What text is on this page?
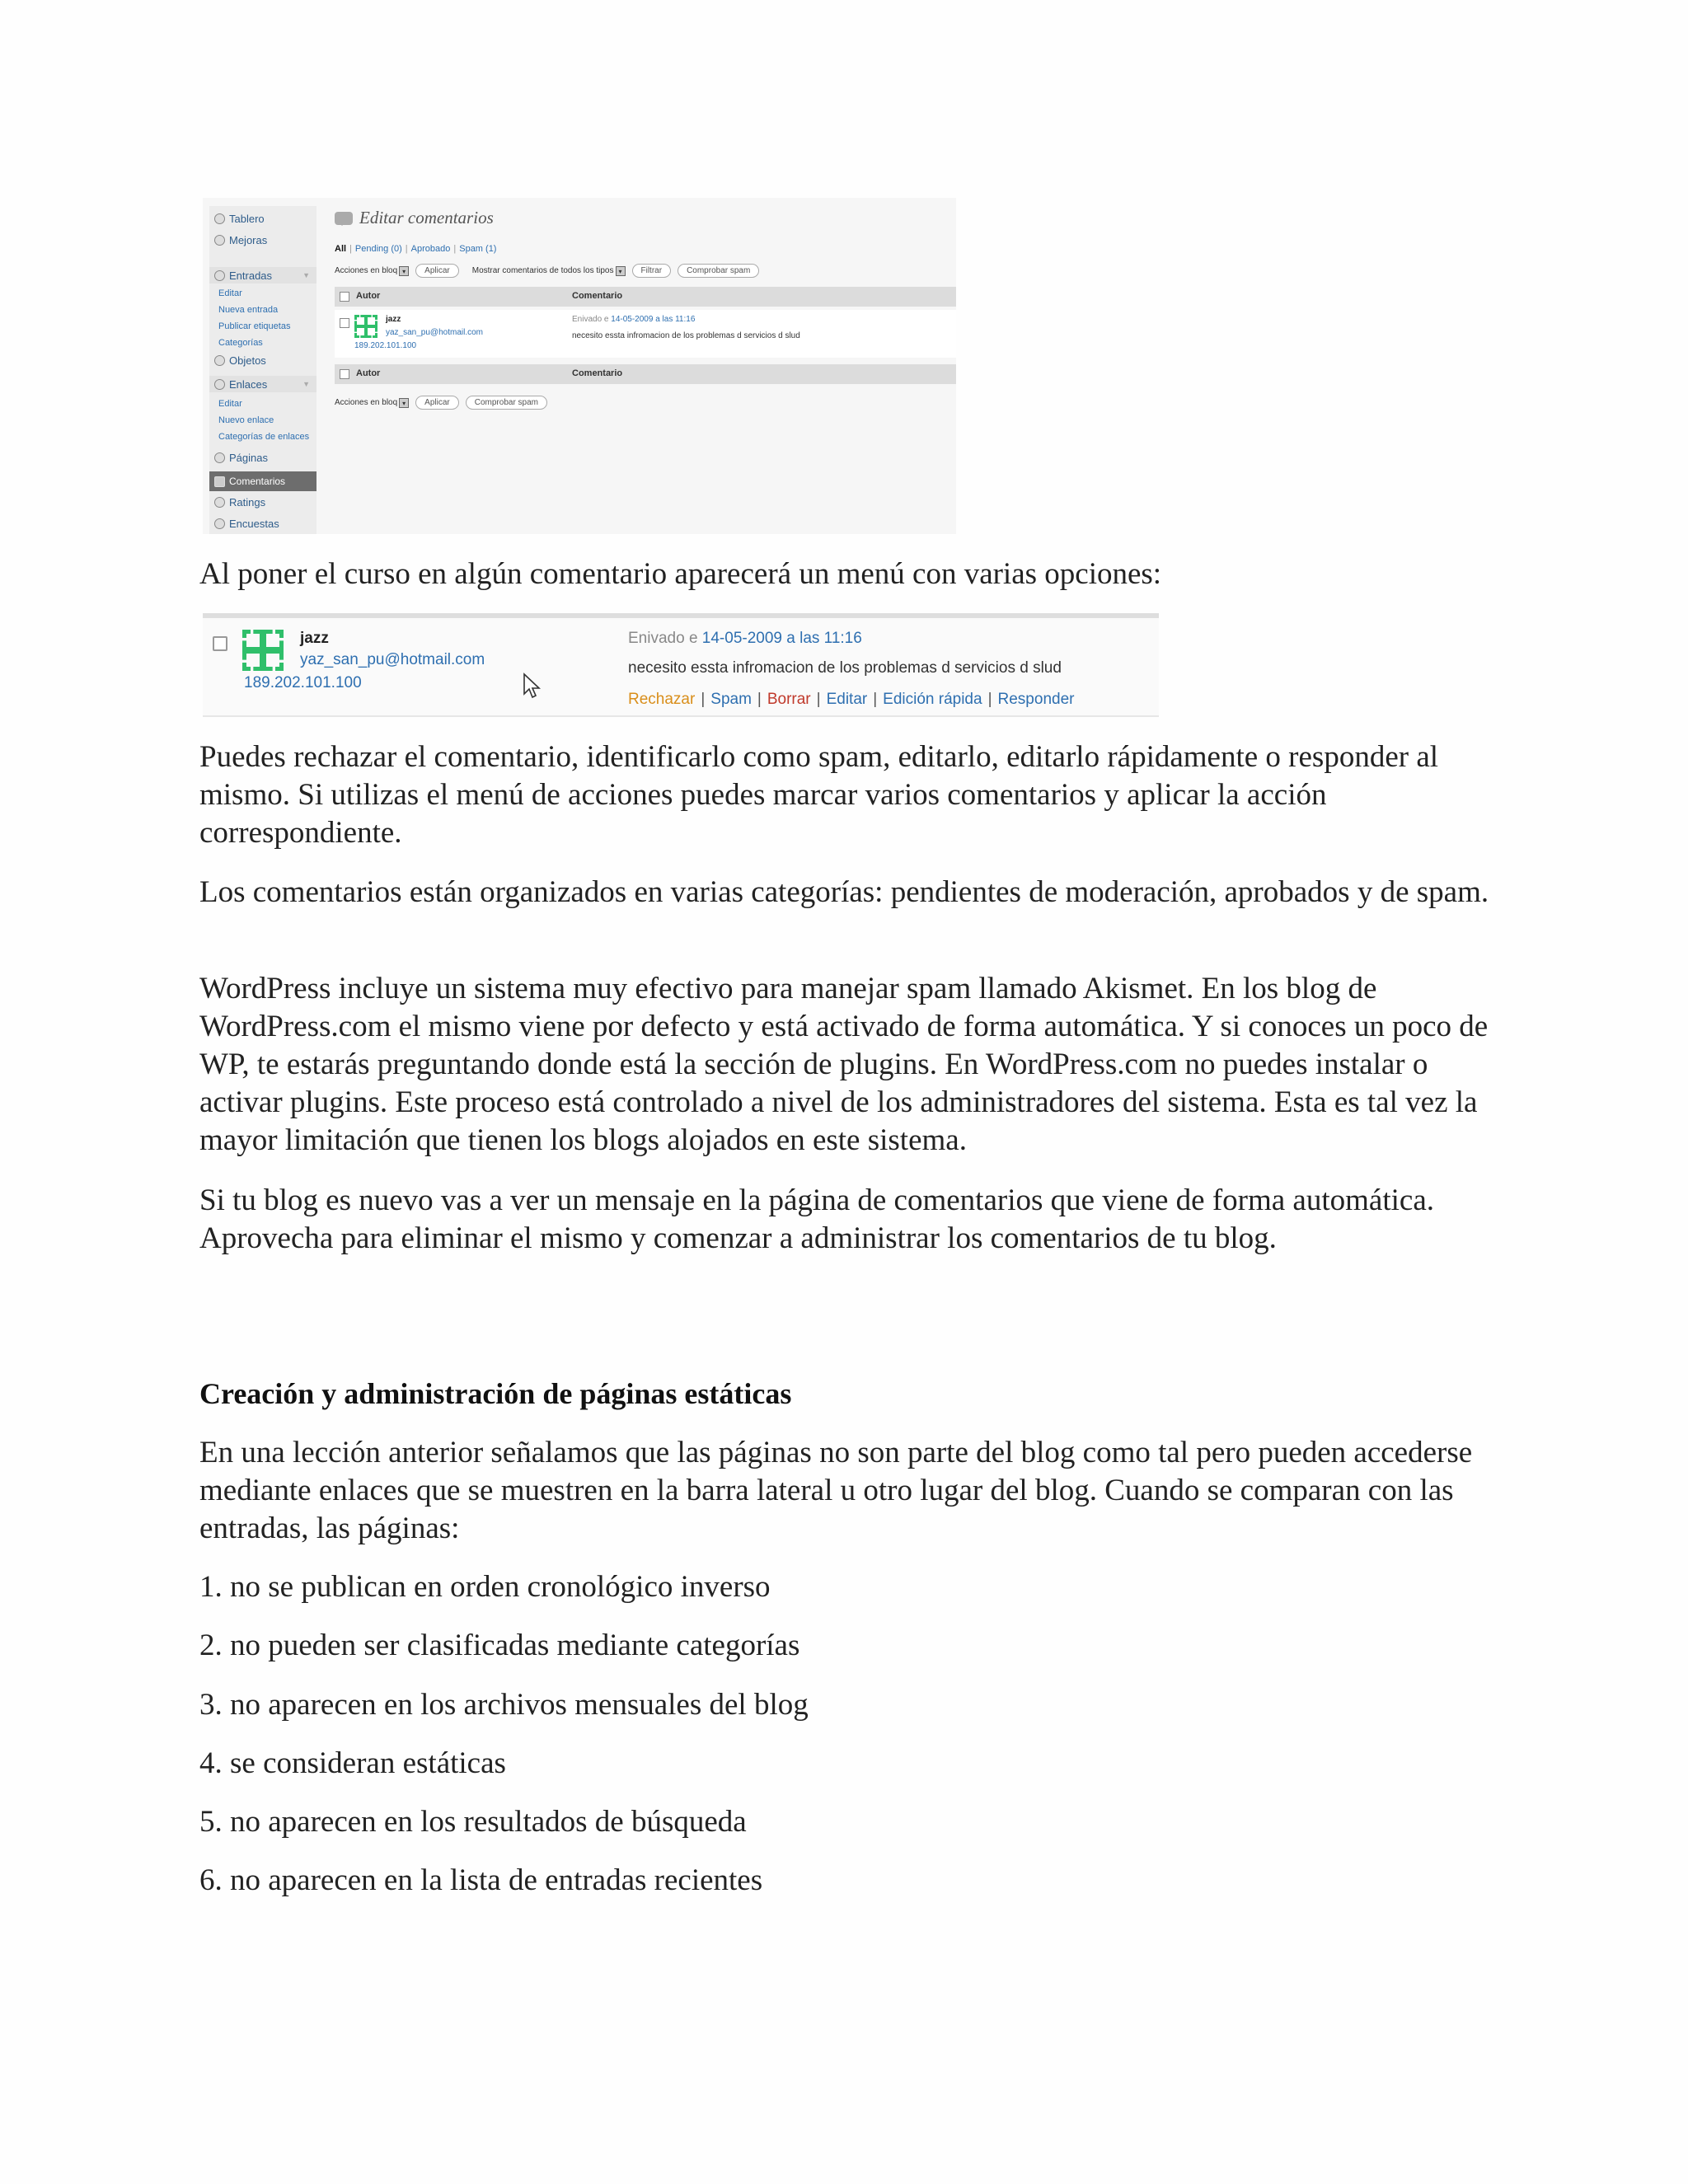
Tablero
Mejoras
Entradas	▼
Editar
Nueva entrada
Publicar etiquetas
Categorías
Objetos
Enlaces	▼
Editar
Nuevo enlace
Categorías de enlaces
Páginas
Comentarios
Ratings
Encuestas
Editar comentarios
All | Pending (0) | Aprobado | Spam (1)
Acciones en bloq ▾	Aplicar	Mostrar comentarios de todos los tipos ▾	Filtrar	Comprobar spam
Autor	Comentario
jazz
yaz_san_pu@hotmail.com
189.202.101.100
Enivado e 14-05-2009 a las 11:16
necesito essta infromacion de los problemas d servicios d slud
Autor	Comentario
Acciones en bloq ▾	Aplicar	Comprobar spam

Al poner el curso en algún comentario aparecerá un menú con varias opciones:

jazz
yaz_san_pu@hotmail.com
189.202.101.100
Enivado e 14-05-2009 a las 11:16
necesito essta infromacion de los problemas d servicios d slud
Rechazar | Spam | Borrar | Editar | Edición rápida | Responder

Puedes rechazar el comentario, identificarlo como spam, editarlo, editarlo rápidamente o responder al mismo. Si utilizas el menú de acciones puedes marcar varios comentarios y aplicar la acción correspondiente.

Los comentarios están organizados en varias categorías: pendientes de moderación, aprobados y de spam.

WordPress incluye un sistema muy efectivo para manejar spam llamado Akismet. En los blog de WordPress.com el mismo viene por defecto y está activado de forma automática. Y si conoces un poco de WP, te estarás preguntando donde está la sección de plugins. En WordPress.com no puedes instalar o activar plugins. Este proceso está controlado a nivel de los administradores del sistema. Esta es tal vez la mayor limitación que tienen los blogs alojados en este sistema.

Si tu blog es nuevo vas a ver un mensaje en la página de comentarios que viene de forma automática. Aprovecha para eliminar el mismo y comenzar a administrar los comentarios de tu blog.

Creación y administración de páginas estáticas

En una lección anterior señalamos que las páginas no son parte del blog como tal pero pueden accederse mediante enlaces que se muestren en la barra lateral u otro lugar del blog. Cuando se comparan con las entradas, las páginas:

1. no se publican en orden cronológico inverso

2. no pueden ser clasificadas mediante categorías

3. no aparecen en los archivos mensuales del blog

4. se consideran estáticas

5. no aparecen en los resultados de búsqueda

6. no aparecen en la lista de entradas recientes
